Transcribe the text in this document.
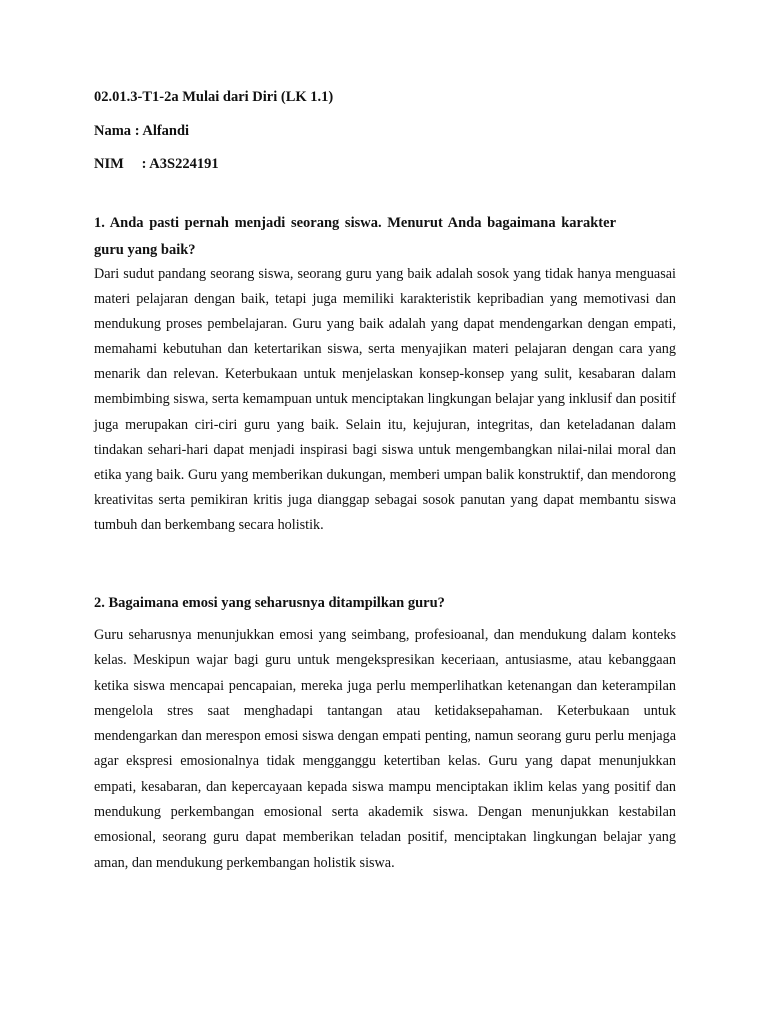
02.01.3-T1-2a Mulai dari Diri (LK 1.1)
Nama : Alfandi
NIM : A3S224191
1. Anda pasti pernah menjadi seorang siswa. Menurut Anda bagaimana karakter guru yang baik?

Dari sudut pandang seorang siswa, seorang guru yang baik adalah sosok yang tidak hanya menguasai materi pelajaran dengan baik, tetapi juga memiliki karakteristik kepribadian yang memotivasi dan mendukung proses pembelajaran. Guru yang baik adalah yang dapat mendengarkan dengan empati, memahami kebutuhan dan ketertarikan siswa, serta menyajikan materi pelajaran dengan cara yang menarik dan relevan. Keterbukaan untuk menjelaskan konsep-konsep yang sulit, kesabaran dalam membimbing siswa, serta kemampuan untuk menciptakan lingkungan belajar yang inklusif dan positif juga merupakan ciri-ciri guru yang baik. Selain itu, kejujuran, integritas, dan keteladanan dalam tindakan sehari-hari dapat menjadi inspirasi bagi siswa untuk mengembangkan nilai-nilai moral dan etika yang baik. Guru yang memberikan dukungan, memberi umpan balik konstruktif, dan mendorong kreativitas serta pemikiran kritis juga dianggap sebagai sosok panutan yang dapat membantu siswa tumbuh dan berkembang secara holistik.

2. Bagaimana emosi yang seharusnya ditampilkan guru?

Guru seharusnya menunjukkan emosi yang seimbang, profesioanal, dan mendukung dalam konteks kelas. Meskipun wajar bagi guru untuk mengekspresikan keceriaan, antusiasme, atau kebanggaan ketika siswa mencapai pencapaian, mereka juga perlu memperlihatkan ketenangan dan keterampilan mengelola stres saat menghadapi tantangan atau ketidaksepahaman. Keterbukaan untuk mendengarkan dan merespon emosi siswa dengan empati penting, namun seorang guru perlu menjaga agar ekspresi emosionalnya tidak mengganggu ketertiban kelas. Guru yang dapat menunjukkan empati, kesabaran, dan kepercayaan kepada siswa mampu menciptakan iklim kelas yang positif dan mendukung perkembangan emosional serta akademik siswa. Dengan menunjukkan kestabilan emosional, seorang guru dapat memberikan teladan positif, menciptakan lingkungan belajar yang aman, dan mendukung perkembangan holistik siswa.
